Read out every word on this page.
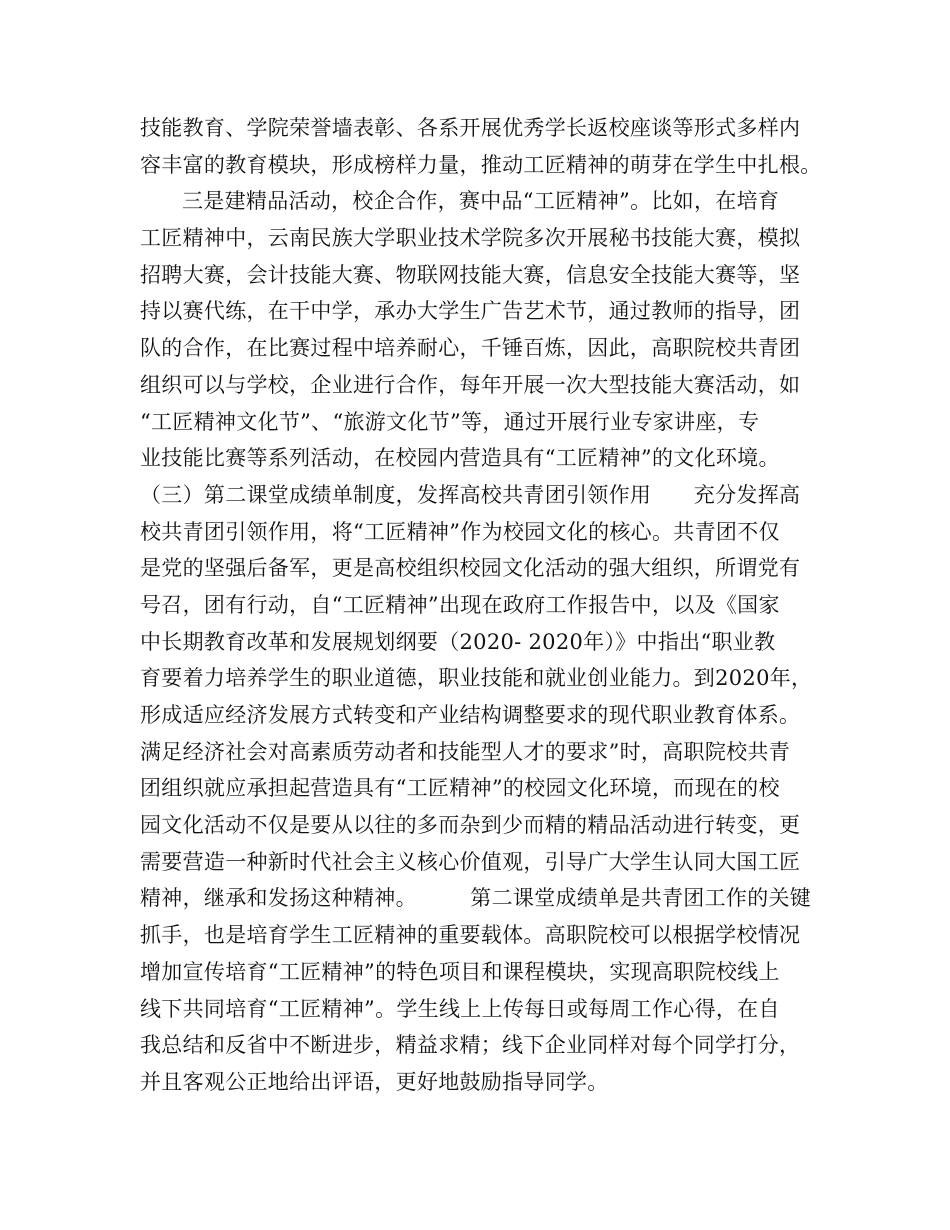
技能教育、学院荣誉墙表彰、各系开展优秀学长返校座谈等形式多样内
容丰富的教育模块，形成榜样力量，推动工匠精神的萌芽在学生中扎根。
三是建精品活动，校企合作，赛中品“工匠精神”。比如，在培育
工匠精神中，云南民族大学职业技术学院多次开展秘书技能大赛，模拟
招聘大赛，会计技能大赛、物联网技能大赛，信息安全技能大赛等，坚
持以赛代练，在干中学，承办大学生广告艺术节，通过教师的指导，团
队的合作，在比赛过程中培养耐心，千锤百炼，因此，高职院校共青团
组织可以与学校，企业进行合作，每年开展一次大型技能大赛活动，如
“工匠精神文化节”、“旅游文化节”等，通过开展行业专家讲座，专
业技能比赛等系列活动，在校园内营造具有“工匠精神”的文化环境。
（三）第二课堂成绩单制度，发挥高校共青团引领作用　　充分发挥高
校共青团引领作用，将“工匠精神”作为校园文化的核心。共青团不仅
是党的坚强后备军，更是高校组织校园文化活动的强大组织，所谓党有
号召，团有行动，自“工匠精神”出现在政府工作报告中，以及《国家
中长期教育改革和发展规划纲要（2020- 2020年）》中指出“职业教
育要着力培养学生的职业道德，职业技能和就业创业能力。到2020年，
形成适应经济发展方式转变和产业结构调整要求的现代职业教育体系。
满足经济社会对高素质劳动者和技能型人才的要求”时，高职院校共青
团组织就应承担起营造具有“工匠精神”的校园文化环境，而现在的校
园文化活动不仅是要从以往的多而杂到少而精的精品活动进行转变，更
需要营造一种新时代社会主义核心价值观，引导广大学生认同大国工匠
精神，继承和发扬这种精神。　　　第二课堂成绩单是共青团工作的关键
抓手，也是培育学生工匠精神的重要载体。高职院校可以根据学校情况
增加宣传培育“工匠精神”的特色项目和课程模块，实现高职院校线上
线下共同培育“工匠精神”。学生线上上传每日或每周工作心得，在自
我总结和反省中不断进步，精益求精；线下企业同样对每个同学打分，
并且客观公正地给出评语，更好地鼓励指导同学。
